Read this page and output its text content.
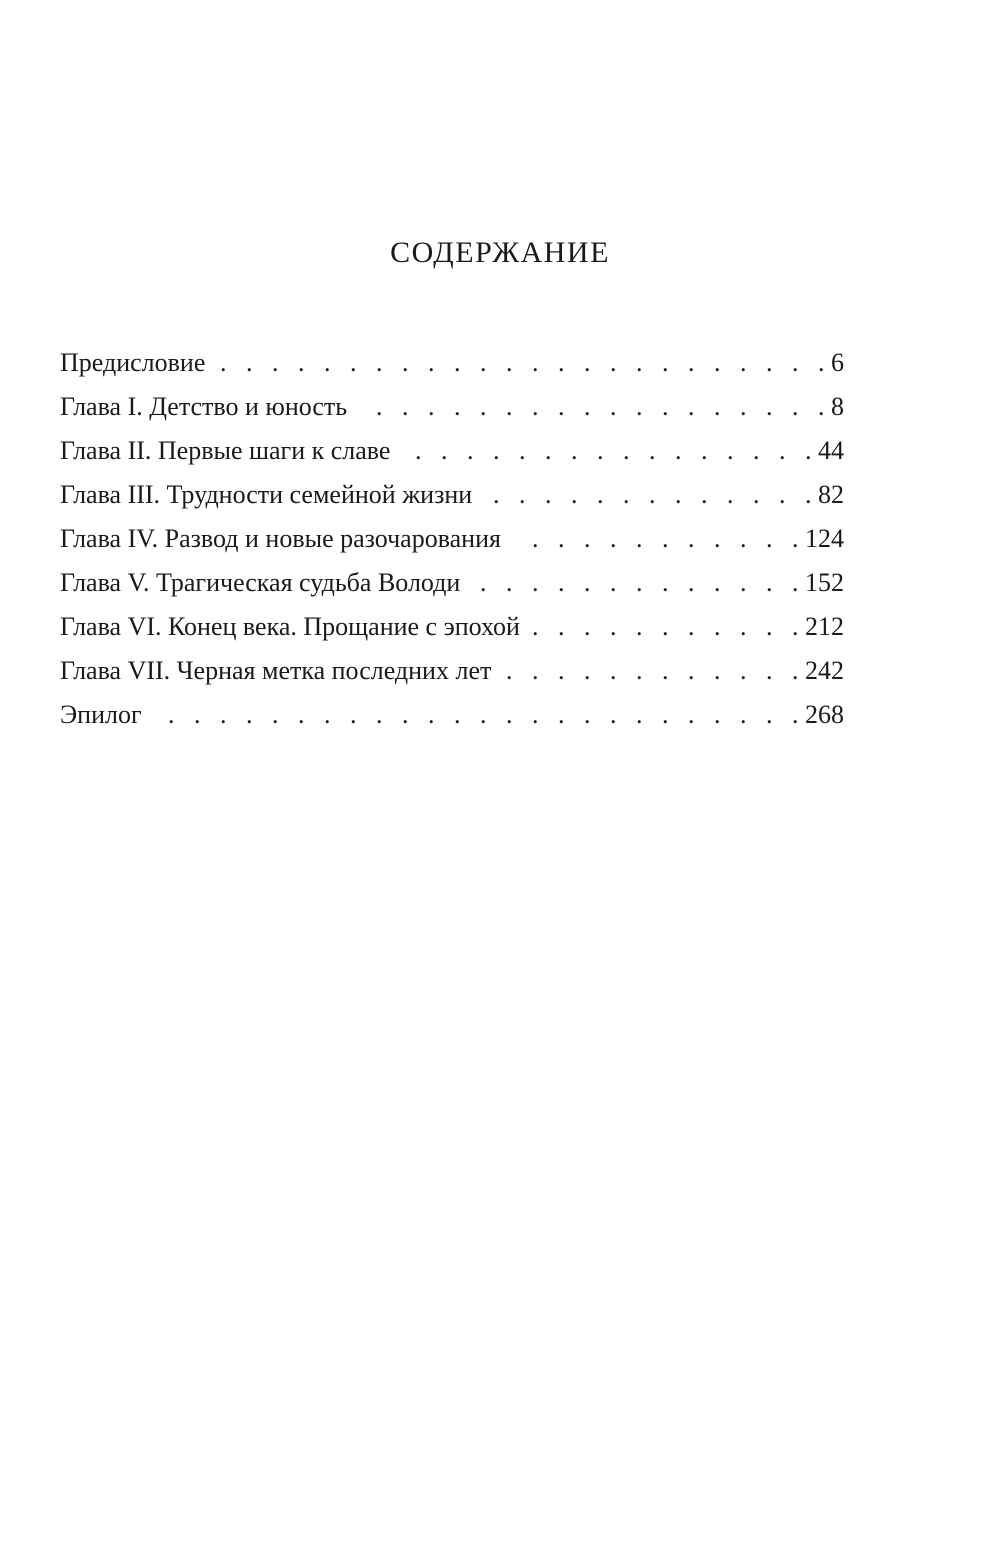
СОДЕРЖАНИЕ
Предисловие . . .	6
Глава I. Детство и юность . . .	8
Глава II. Первые шаги к славе . . .	44
Глава III. Трудности семейной жизни . . .	82
Глава IV. Развод и новые разочарования . . .	124
Глава V. Трагическая судьба Володи . . .	152
Глава VI. Конец века. Прощание с эпохой . . .	212
Глава VII. Черная метка последних лет . . .	242
Эпилог . . .	268
